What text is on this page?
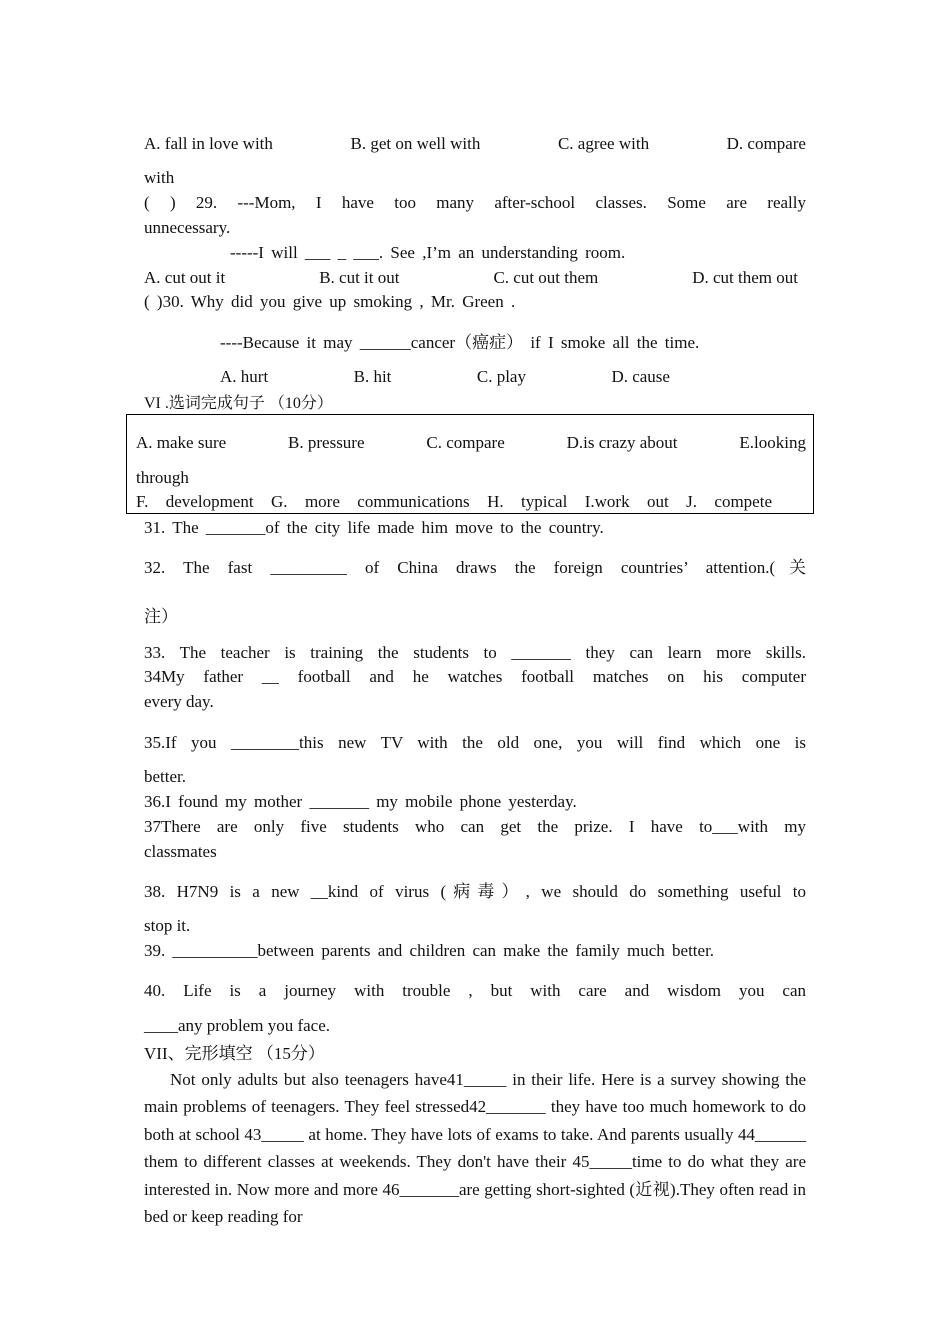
A. fall in love with	B. get on well with	C. agree with	D. compare
with
( ) 29. ---Mom, I have too many after-school classes. Some are really
unnecessary.
-----I will ___ _ ___. See ,I’m an understanding room.
A. cut out it	B. cut it out	C. cut out them	D. cut them out
( )30. Why did you give up smoking , Mr. Green .
----Because it may ______cancer（癌症） if I smoke all the time.
A. hurt	B. hit	C. play	D. cause
VI .选词完成句子 （10分）
A. make sure	B. pressure	C. compare	D.is crazy about	E.looking
through
F. development G. more communications H. typical I.work out J. compete
31. The _______of the city life made him move to the country.
32. The fast _________ of China draws the foreign countries’ attention.(关
注）
33. The teacher is training the students to _______ they can learn more skills.
34My father __ football and he watches football matches on his computer
every day.
35.If you ________this new TV with the old one, you will find which one is
better.
36.I found my mother _______ my mobile phone yesterday.
37There are only five students who can get the prize. I have to___with my
classmates
38. H7N9 is a new __kind of virus (病毒）, we should do something useful to
stop it.
39. __________between parents and children can make the family much better.
40. Life is a journey with trouble , but with care and wisdom you can
____any problem you face.
VII、完形填空 （15分）
Not only adults but also teenagers have41_____ in their life. Here is a survey showing the main problems of teenagers. They feel stressed42_______ they have too much homework to do both at school 43_____ at home. They have lots of exams to take. And parents usually 44______ them to different classes at weekends. They don't have their 45_____time to do what they are interested in. Now more and more 46_______are getting short-sighted (近视).They often read in bed or keep reading for
